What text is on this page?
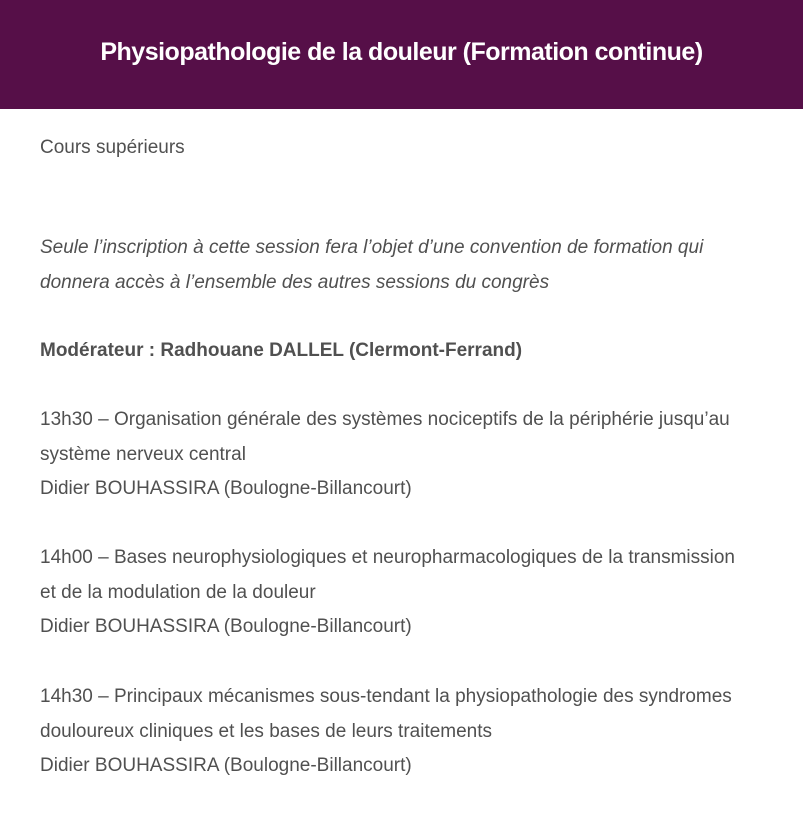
Physiopathologie de la douleur (Formation continue)

Cours supérieurs

Seule l’inscription à cette session fera l’objet d’une convention de formation qui donnera accès à l’ensemble des autres sessions du congrès

Modérateur : Radhouane DALLEL (Clermont-Ferrand)

13h30 – Organisation générale des systèmes nociceptifs de la périphérie jusqu’au
système nerveux central
Didier BOUHASSIRA (Boulogne-Billancourt)
14h00 – Bases neurophysiologiques et neuropharmacologiques de la transmission
et de la modulation de la douleur
Didier BOUHASSIRA (Boulogne-Billancourt)
14h30 – Principaux mécanismes sous-tendant la physiopathologie des syndromes
douloureux cliniques et les bases de leurs traitements
Didier BOUHASSIRA (Boulogne-Billancourt)
